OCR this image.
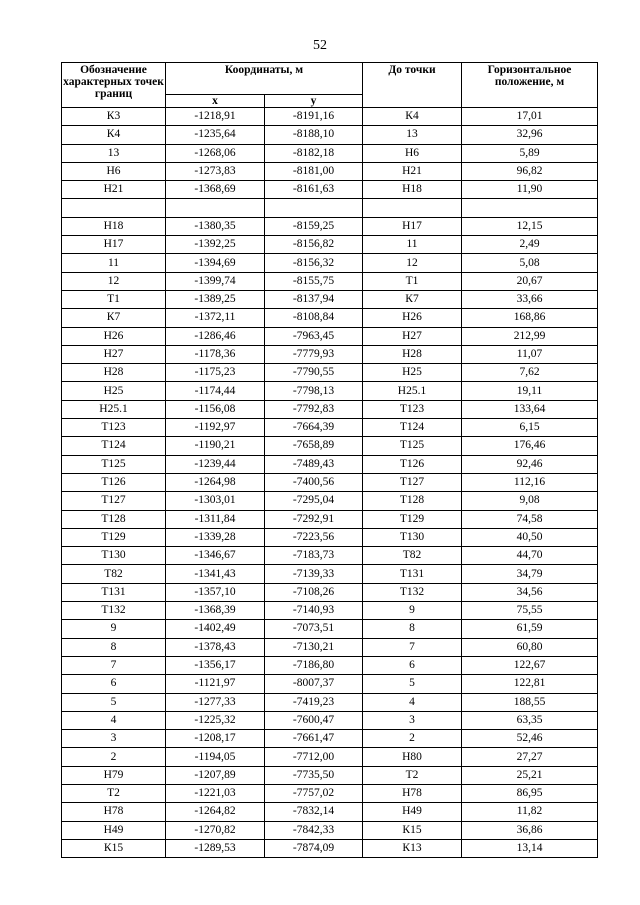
52
Обозначение характерных точек границ	Координаты, м		До точки	Горизонтальное положение, м
	x	y		
К3	-1218,91	-8191,16	К4	17,01
К4	-1235,64	-8188,10	13	32,96
13	-1268,06	-8182,18	Н6	5,89
Н6	-1273,83	-8181,00	Н21	96,82
Н21	-1368,69	-8161,63	Н18	11,90

Н18	-1380,35	-8159,25	Н17	12,15
Н17	-1392,25	-8156,82	11	2,49
11	-1394,69	-8156,32	12	5,08
12	-1399,74	-8155,75	Т1	20,67
Т1	-1389,25	-8137,94	К7	33,66
К7	-1372,11	-8108,84	Н26	168,86
Н26	-1286,46	-7963,45	Н27	212,99
Н27	-1178,36	-7779,93	Н28	11,07
Н28	-1175,23	-7790,55	Н25	7,62
Н25	-1174,44	-7798,13	Н25.1	19,11
Н25.1	-1156,08	-7792,83	Т123	133,64
Т123	-1192,97	-7664,39	Т124	6,15
Т124	-1190,21	-7658,89	Т125	176,46
Т125	-1239,44	-7489,43	Т126	92,46
Т126	-1264,98	-7400,56	Т127	112,16
Т127	-1303,01	-7295,04	Т128	9,08
Т128	-1311,84	-7292,91	Т129	74,58
Т129	-1339,28	-7223,56	Т130	40,50
Т130	-1346,67	-7183,73	Т82	44,70
Т82	-1341,43	-7139,33	Т131	34,79
Т131	-1357,10	-7108,26	Т132	34,56
Т132	-1368,39	-7140,93	9	75,55
9	-1402,49	-7073,51	8	61,59
8	-1378,43	-7130,21	7	60,80
7	-1356,17	-7186,80	6	122,67
6	-1121,97	-8007,37	5	122,81
5	-1277,33	-7419,23	4	188,55
4	-1225,32	-7600,47	3	63,35
3	-1208,17	-7661,47	2	52,46
2	-1194,05	-7712,00	Н80	27,27
Н79	-1207,89	-7735,50	Т2	25,21
Т2	-1221,03	-7757,02	Н78	86,95
Н78	-1264,82	-7832,14	Н49	11,82
Н49	-1270,82	-7842,33	К15	36,86
К15	-1289,53	-7874,09	К13	13,14
